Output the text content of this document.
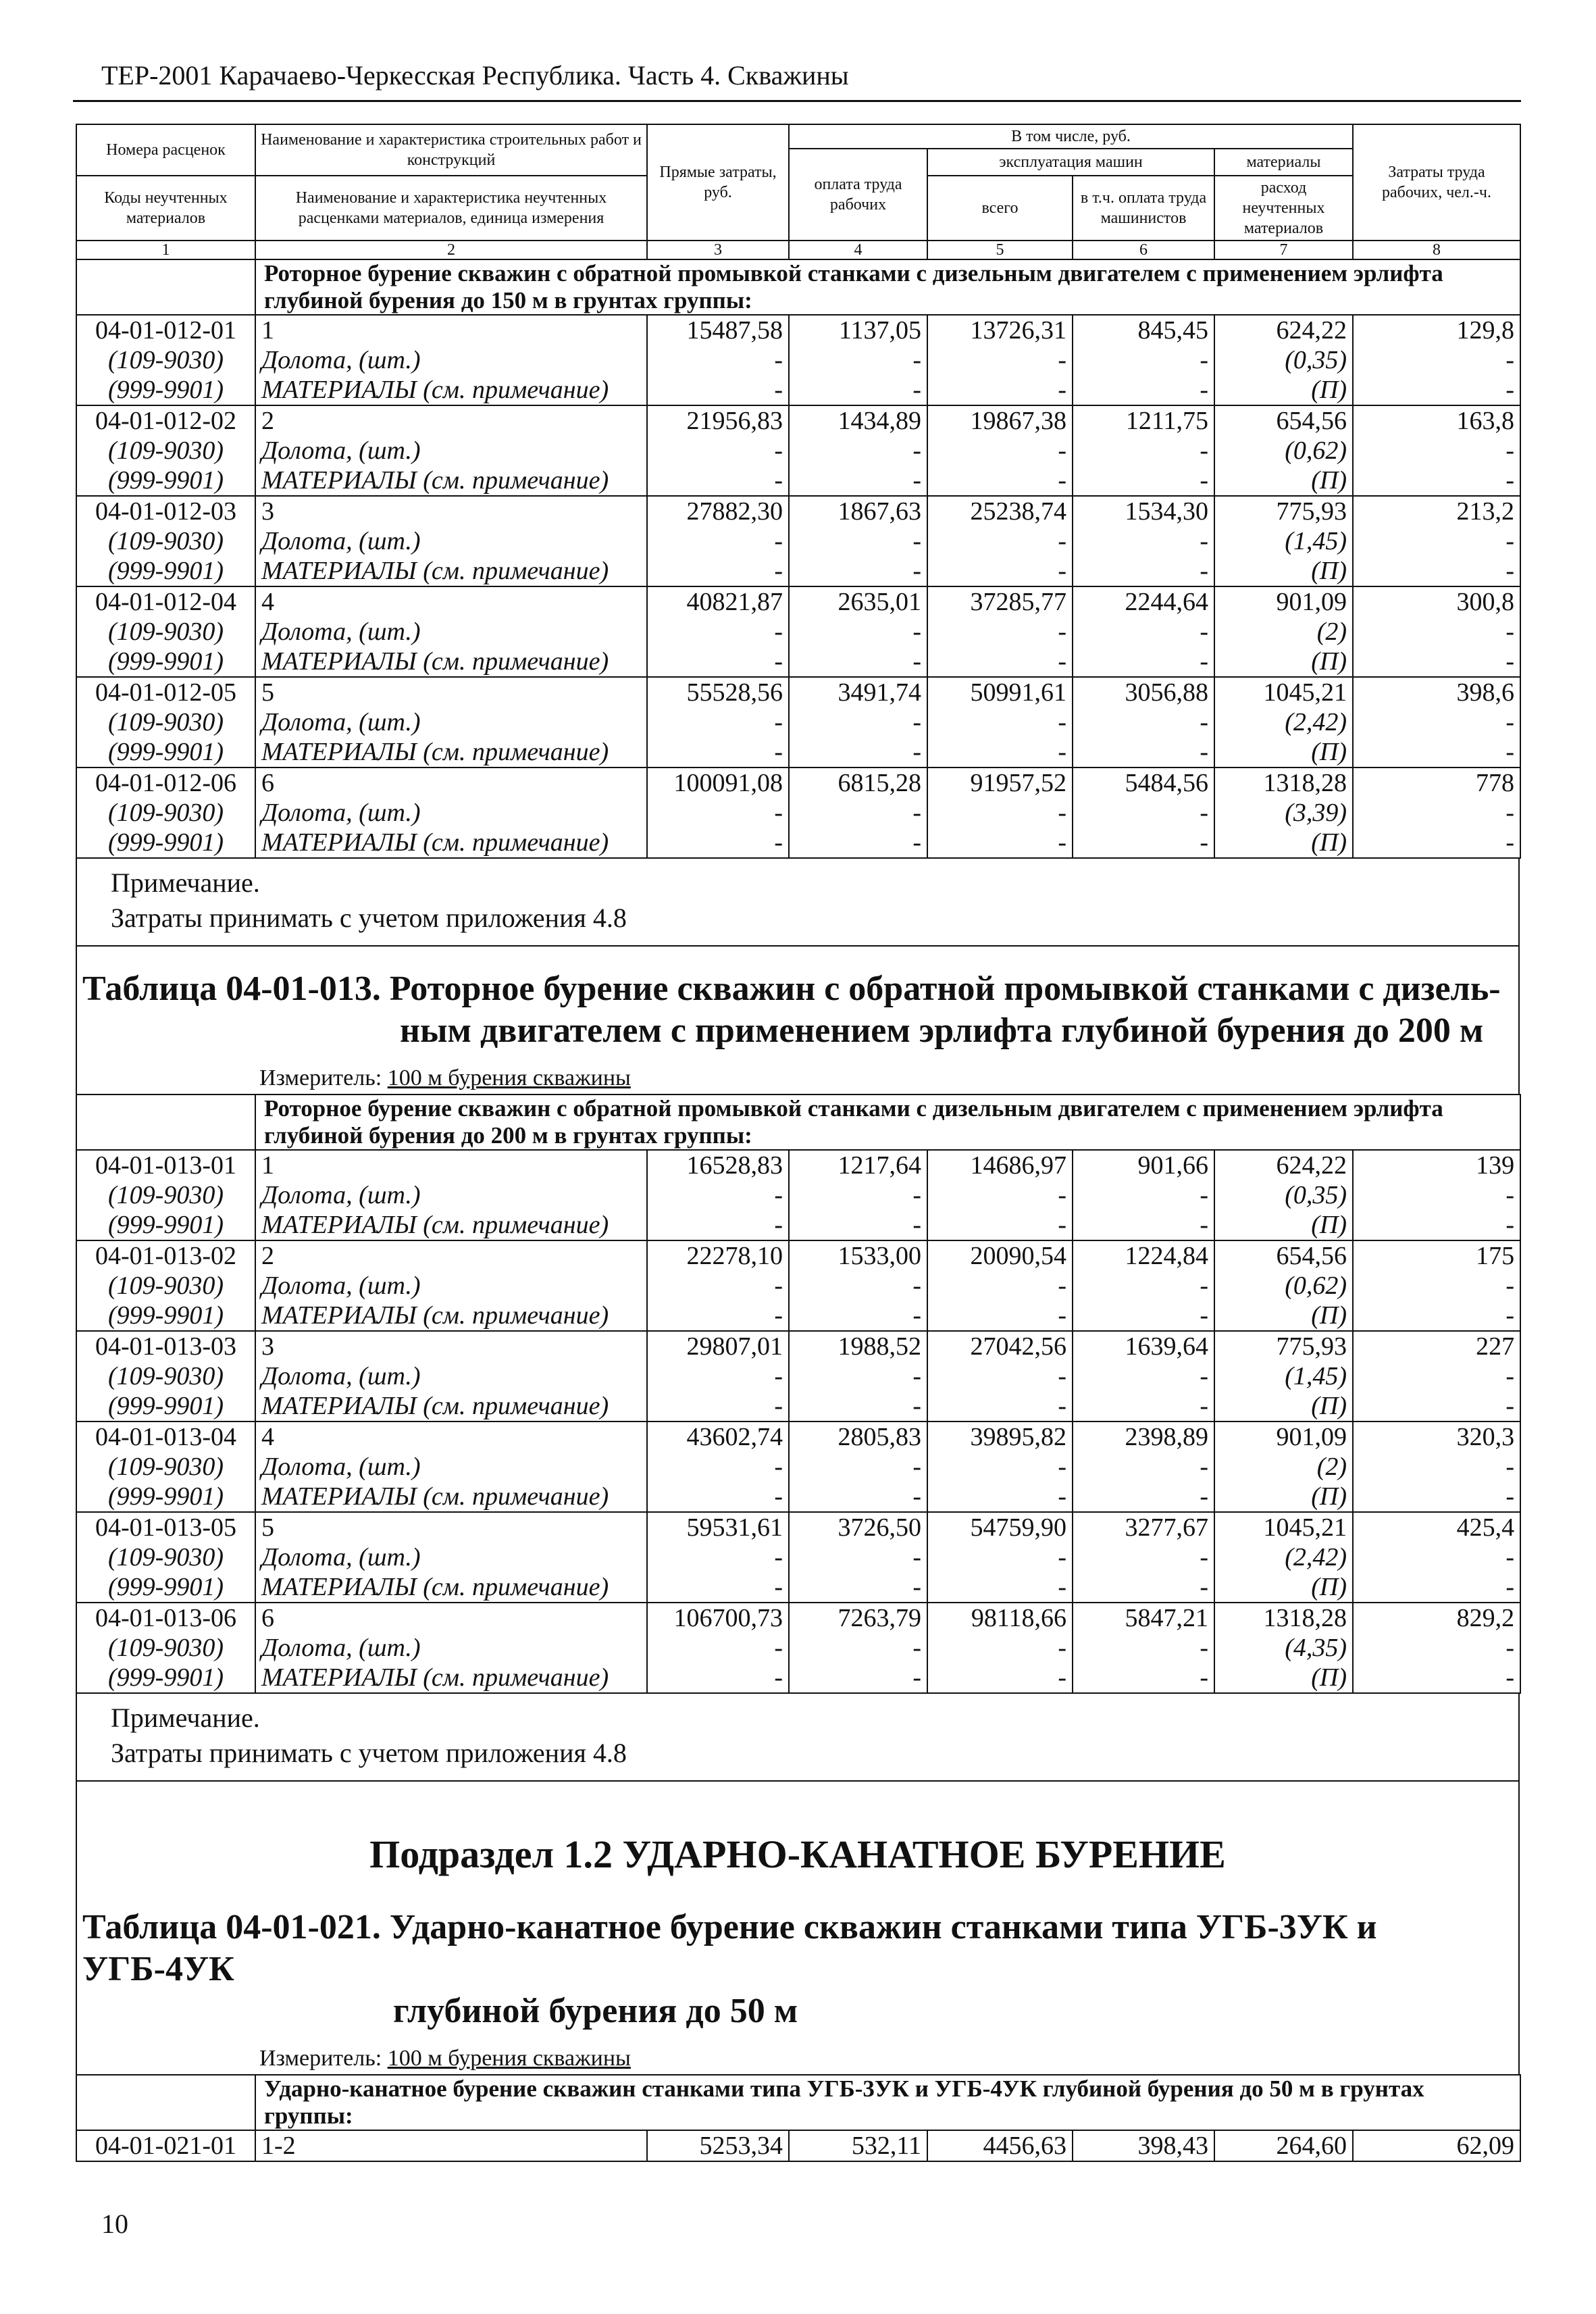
ТЕР-2001 Карачаево-Черкесская Республика. Часть 4. Скважины
Номера расценок	Наименование и характеристика строительных работ и конструкций	Прямые затраты, руб.	В том числе, руб.				Затраты труда рабочих, чел.-ч.
			оплата труда рабочих	эксплуатация машин		материалы	
Коды неучтенных материалов	Наименование и характеристика неучтенных расценками материалов, единица измерения			всего	в т.ч. оплата труда машинистов	расход неучтенных материалов	

1	2	3	4	5	6	7	8
	Роторное бурение скважин с обратной промывкой станками с дизельным двигателем с применением эрлифта глубиной бурения до 150 м в грунтах группы:
04-01-012-01	1	15487,58	1137,05	13726,31	845,45	624,22	129,8
(109-9030)	Долота, (шт.)	-	-	-	-	(0,35)	-
(999-9901)	МАТЕРИАЛЫ (см. примечание)	-	-	-	-	(П)	-
04-01-012-02	2	21956,83	1434,89	19867,38	1211,75	654,56	163,8
(109-9030)	Долота, (шт.)	-	-	-	-	(0,62)	-
(999-9901)	МАТЕРИАЛЫ (см. примечание)	-	-	-	-	(П)	-
04-01-012-03	3	27882,30	1867,63	25238,74	1534,30	775,93	213,2
(109-9030)	Долота, (шт.)	-	-	-	-	(1,45)	-
(999-9901)	МАТЕРИАЛЫ (см. примечание)	-	-	-	-	(П)	-
04-01-012-04	4	40821,87	2635,01	37285,77	2244,64	901,09	300,8
(109-9030)	Долота, (шт.)	-	-	-	-	(2)	-
(999-9901)	МАТЕРИАЛЫ (см. примечание)	-	-	-	-	(П)	-
04-01-012-05	5	55528,56	3491,74	50991,61	3056,88	1045,21	398,6
(109-9030)	Долота, (шт.)	-	-	-	-	(2,42)	-
(999-9901)	МАТЕРИАЛЫ (см. примечание)	-	-	-	-	(П)	-
04-01-012-06	6	100091,08	6815,28	91957,52	5484,56	1318,28	778
(109-9030)	Долота, (шт.)	-	-	-	-	(3,39)	-
(999-9901)	МАТЕРИАЛЫ (см. примечание)	-	-	-	-	(П)	-
Примечание.
Затраты принимать с учетом приложения 4.8
Таблица 04-01-013. Роторное бурение скважин с обратной промывкой станками с дизель-
ным двигателем с применением эрлифта глубиной бурения до 200 м
Измеритель: 100 м бурения скважины
	Роторное бурение скважин с обратной промывкой станками с дизельным двигателем с применением эрлифта глубиной бурения до 200 м в грунтах группы:						
04-01-013-01	1	16528,83	1217,64	14686,97	901,66	624,22	139
(109-9030)	Долота, (шт.)	-	-	-	-	(0,35)	-
(999-9901)	МАТЕРИАЛЫ (см. примечание)	-	-	-	-	(П)	-
04-01-013-02	2	22278,10	1533,00	20090,54	1224,84	654,56	175
(109-9030)	Долота, (шт.)	-	-	-	-	(0,62)	-
(999-9901)	МАТЕРИАЛЫ (см. примечание)	-	-	-	-	(П)	-
04-01-013-03	3	29807,01	1988,52	27042,56	1639,64	775,93	227
(109-9030)	Долота, (шт.)	-	-	-	-	(1,45)	-
(999-9901)	МАТЕРИАЛЫ (см. примечание)	-	-	-	-	(П)	-
04-01-013-04	4	43602,74	2805,83	39895,82	2398,89	901,09	320,3
(109-9030)	Долота, (шт.)	-	-	-	-	(2)	-
(999-9901)	МАТЕРИАЛЫ (см. примечание)	-	-	-	-	(П)	-
04-01-013-05	5	59531,61	3726,50	54759,90	3277,67	1045,21	425,4
(109-9030)	Долота, (шт.)	-	-	-	-	(2,42)	-
(999-9901)	МАТЕРИАЛЫ (см. примечание)	-	-	-	-	(П)	-
04-01-013-06	6	106700,73	7263,79	98118,66	5847,21	1318,28	829,2
(109-9030)	Долота, (шт.)	-	-	-	-	(4,35)	-
(999-9901)	МАТЕРИАЛЫ (см. примечание)	-	-	-	-	(П)	-
Примечание.
Затраты принимать с учетом приложения 4.8
Подраздел 1.2 УДАРНО-КАНАТНОЕ БУРЕНИЕ
Таблица 04-01-021. Ударно-канатное бурение скважин станками типа УГБ-3УК и УГБ-4УК
глубиной бурения до 50 м
Измеритель: 100 м бурения скважины
	Ударно-канатное бурение скважин станками типа УГБ-3УК и УГБ-4УК глубиной бурения до 50 м в грунтах группы:						
04-01-021-01	1-2	5253,34	532,11	4456,63	398,43	264,60	62,09
10
